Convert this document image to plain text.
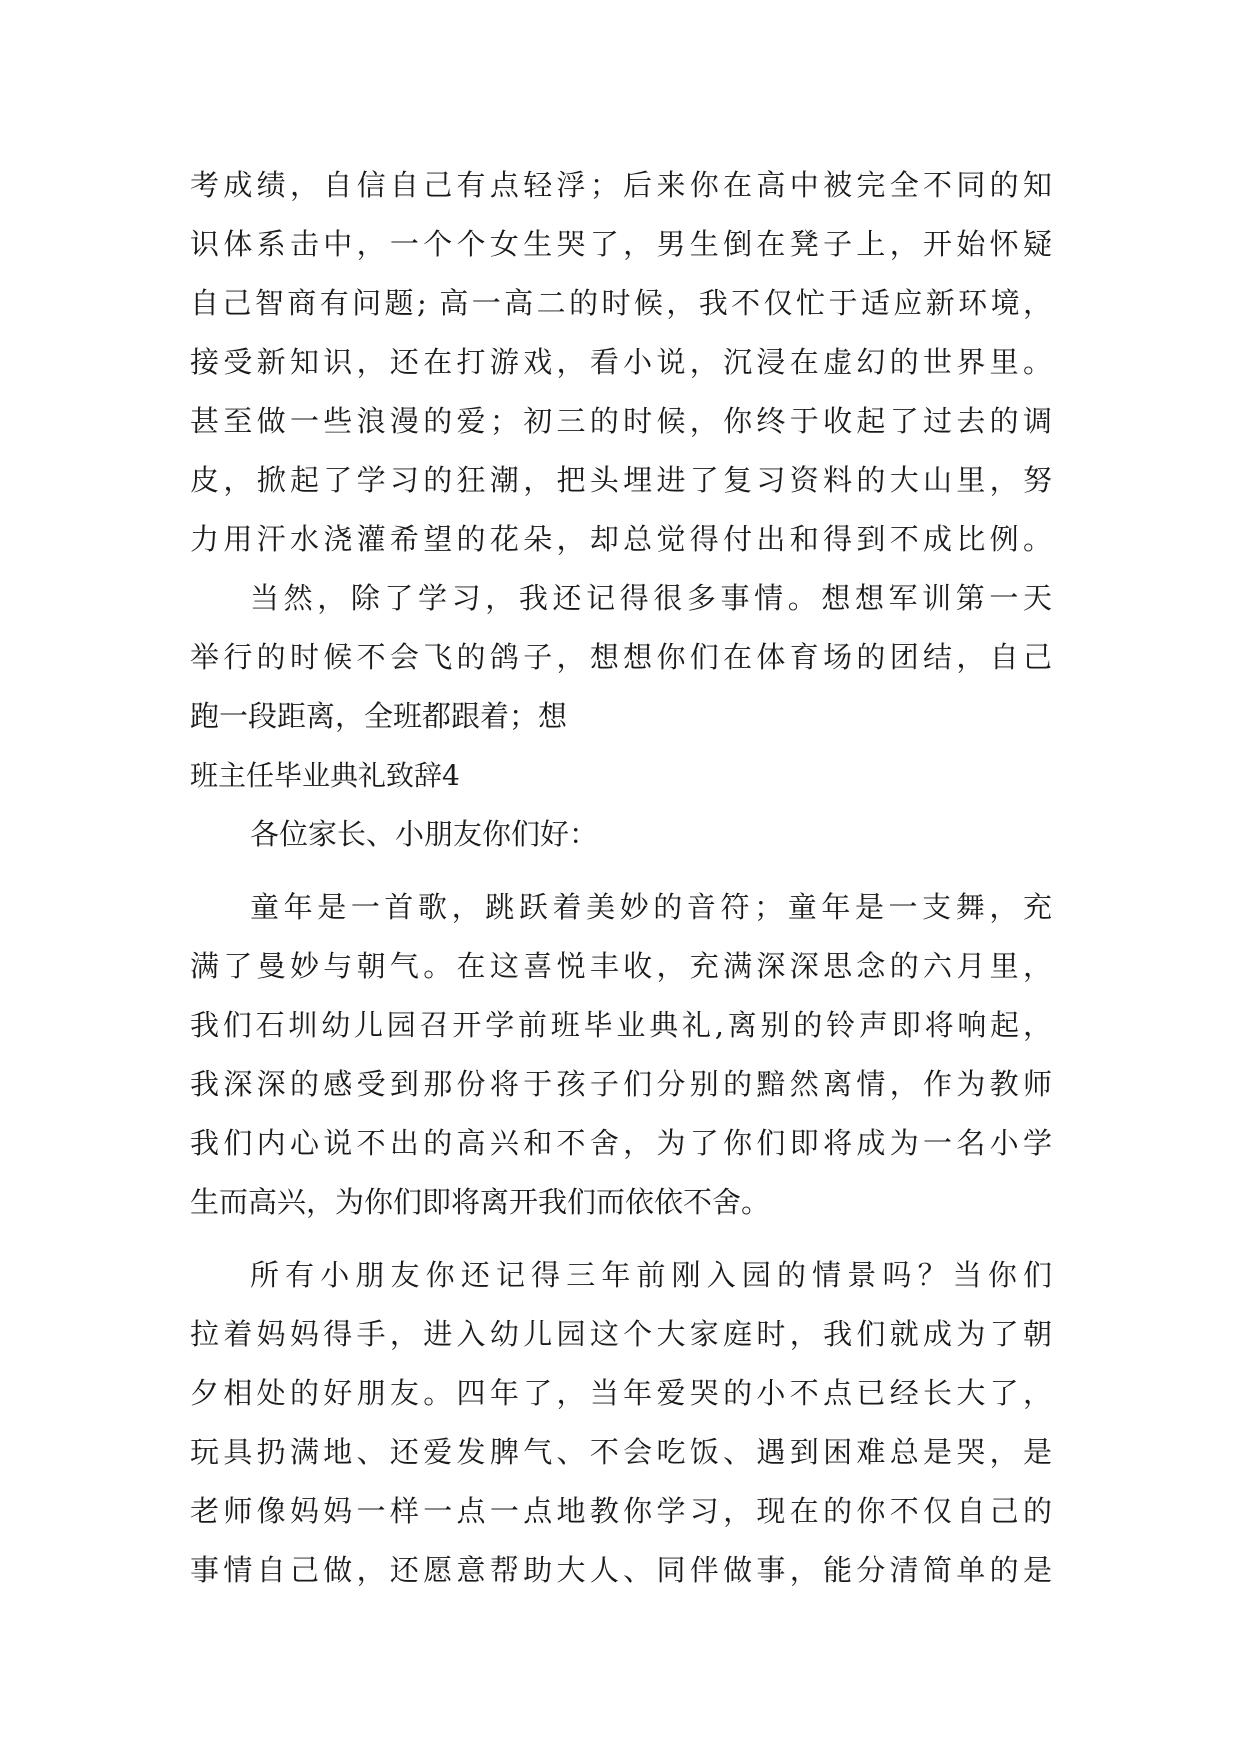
考成绩，自信自己有点轻浮；后来你在高中被完全不同的知
识体系击中，一个个女生哭了，男生倒在凳子上，开始怀疑
自己智商有问题; 高一高二的时候，我不仅忙于适应新环境，
接受新知识，还在打游戏，看小说，沉浸在虚幻的世界里。
甚至做一些浪漫的爱；初三的时候，你终于收起了过去的调
皮，掀起了学习的狂潮，把头埋进了复习资料的大山里，努
力用汗水浇灌希望的花朵，却总觉得付出和得到不成比例。
当然，除了学习，我还记得很多事情。想想军训第一天
举行的时候不会飞的鸽子，想想你们在体育场的团结，自己
跑一段距离，全班都跟着；想
班主任毕业典礼致辞4
各位家长、小朋友你们好：
童年是一首歌，跳跃着美妙的音符；童年是一支舞，充
满了曼妙与朝气。在这喜悦丰收，充满深深思念的六月里，
我们石圳幼儿园召开学前班毕业典礼,离别的铃声即将响起，
我深深的感受到那份将于孩子们分别的黯然离情，作为教师
我们内心说不出的高兴和不舍，为了你们即将成为一名小学
生而高兴，为你们即将离开我们而依依不舍。
所有小朋友你还记得三年前刚入园的情景吗？当你们
拉着妈妈得手，进入幼儿园这个大家庭时，我们就成为了朝
夕相处的好朋友。四年了，当年爱哭的小不点已经长大了，
玩具扔满地、还爱发脾气、不会吃饭、遇到困难总是哭，是
老师像妈妈一样一点一点地教你学习，现在的你不仅自己的
事情自己做，还愿意帮助大人、同伴做事，能分清简单的是
